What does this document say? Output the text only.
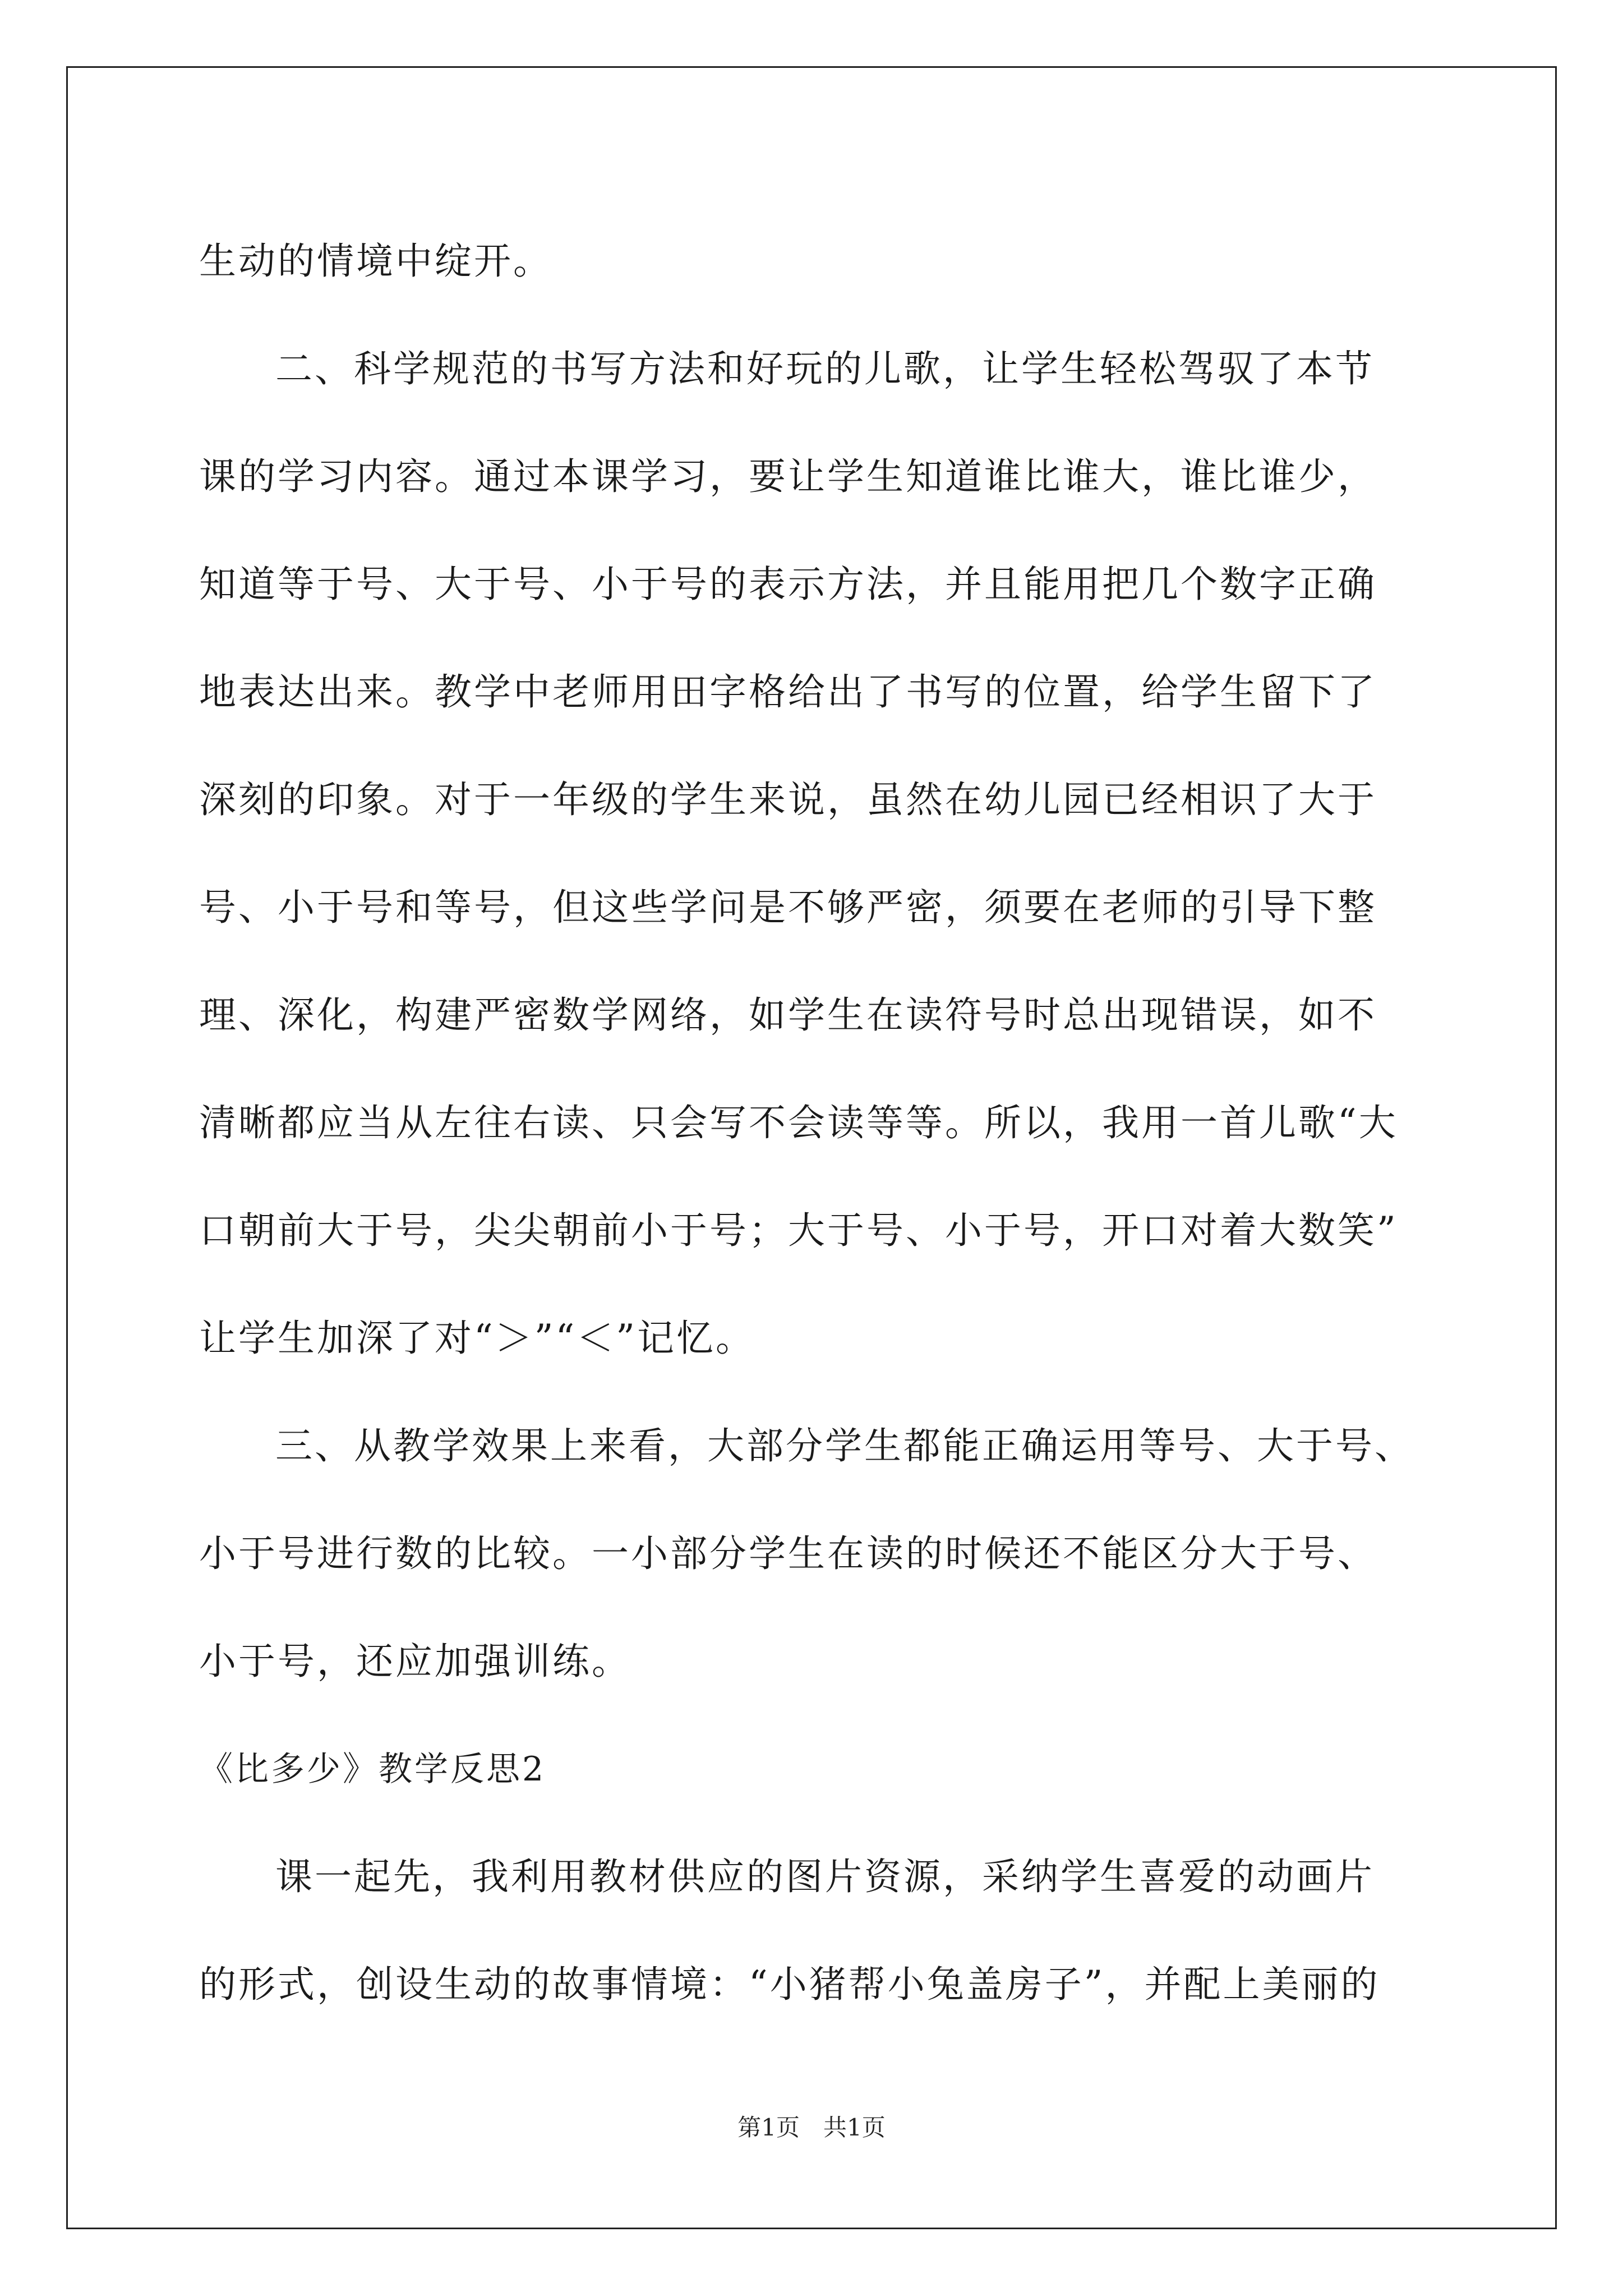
生动的情境中绽开。

二、科学规范的书写方法和好玩的儿歌，让学生轻松驾驭了本节
课的学习内容。通过本课学习，要让学生知道谁比谁大，谁比谁少，
知道等于号、大于号、小于号的表示方法，并且能用把几个数字正确
地表达出来。教学中老师用田字格给出了书写的位置，给学生留下了
深刻的印象。对于一年级的学生来说，虽然在幼儿园已经相识了大于
号、小于号和等号，但这些学问是不够严密，须要在老师的引导下整
理、深化，构建严密数学网络，如学生在读符号时总出现错误，如不
清晰都应当从左往右读、只会写不会读等等。所以，我用一首儿歌“大
口朝前大于号，尖尖朝前小于号；大于号、小于号，开口对着大数笑”
让学生加深了对“＞”“＜”记忆。
三、从教学效果上来看，大部分学生都能正确运用等号、大于号、
小于号进行数的比较。一小部分学生在读的时候还不能区分大于号、
小于号，还应加强训练。
《比多少》教学反思2
课一起先，我利用教材供应的图片资源，采纳学生喜爱的动画片
的形式，创设生动的故事情境：“小猪帮小兔盖房子”，并配上美丽的
第1页　共1页
